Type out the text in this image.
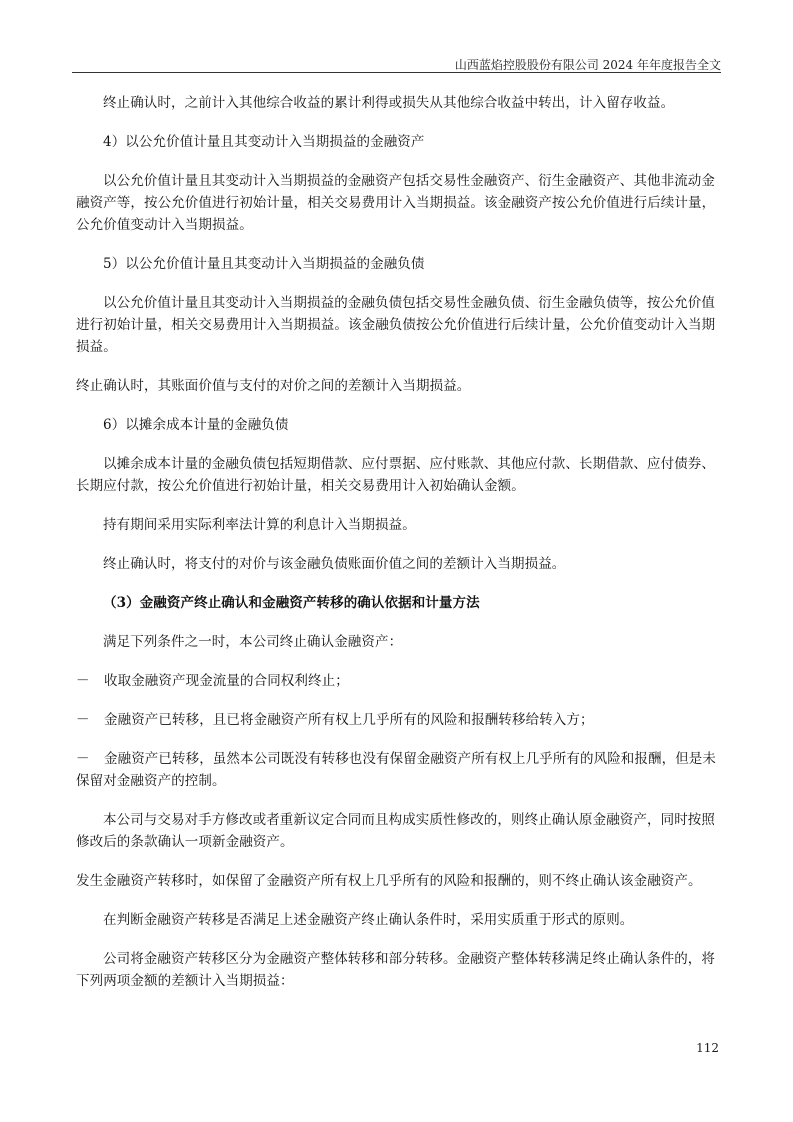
山西蓝焰控股股份有限公司 2024 年年度报告全文

终止确认时，之前计入其他综合收益的累计利得或损失从其他综合收益中转出，计入留存收益。

4）以公允价值计量且其变动计入当期损益的金融资产

以公允价值计量且其变动计入当期损益的金融资产包括交易性金融资产、衍生金融资产、其他非流动金融资产等，按公允价值进行初始计量，相关交易费用计入当期损益。该金融资产按公允价值进行后续计量，公允价值变动计入当期损益。

5）以公允价值计量且其变动计入当期损益的金融负债

以公允价值计量且其变动计入当期损益的金融负债包括交易性金融负债、衍生金融负债等，按公允价值进行初始计量，相关交易费用计入当期损益。该金融负债按公允价值进行后续计量，公允价值变动计入当期损益。

终止确认时，其账面价值与支付的对价之间的差额计入当期损益。

6）以摊余成本计量的金融负债

以摊余成本计量的金融负债包括短期借款、应付票据、应付账款、其他应付款、长期借款、应付债券、长期应付款，按公允价值进行初始计量，相关交易费用计入初始确认金额。

持有期间采用实际利率法计算的利息计入当期损益。

终止确认时，将支付的对价与该金融负债账面价值之间的差额计入当期损益。

（3）金融资产终止确认和金融资产转移的确认依据和计量方法

满足下列条件之一时，本公司终止确认金融资产：

－ 收取金融资产现金流量的合同权利终止；

－ 金融资产已转移，且已将金融资产所有权上几乎所有的风险和报酬转移给转入方；

－ 金融资产已转移，虽然本公司既没有转移也没有保留金融资产所有权上几乎所有的风险和报酬，但是未保留对金融资产的控制。

本公司与交易对手方修改或者重新议定合同而且构成实质性修改的，则终止确认原金融资产，同时按照修改后的条款确认一项新金融资产。

发生金融资产转移时，如保留了金融资产所有权上几乎所有的风险和报酬的，则不终止确认该金融资产。

在判断金融资产转移是否满足上述金融资产终止确认条件时，采用实质重于形式的原则。

公司将金融资产转移区分为金融资产整体转移和部分转移。金融资产整体转移满足终止确认条件的，将下列两项金额的差额计入当期损益：

112
